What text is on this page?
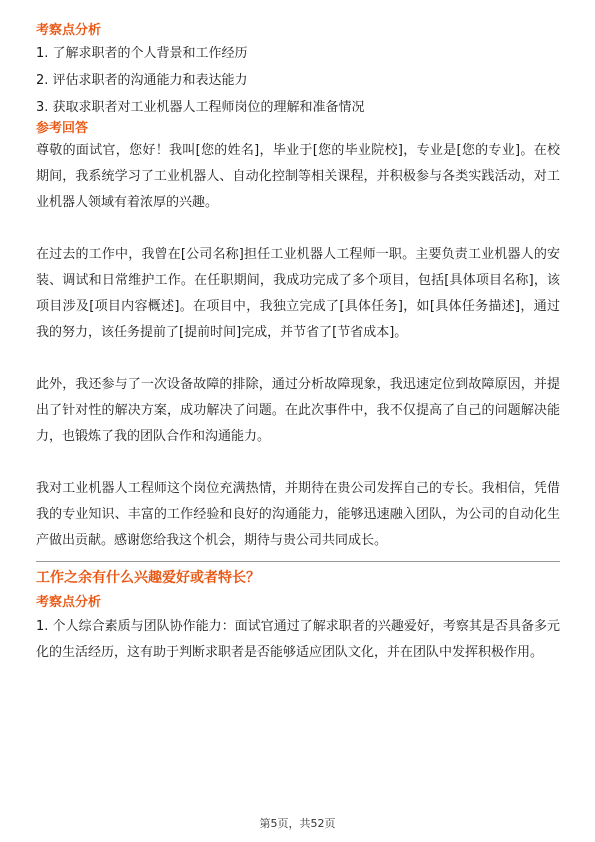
考察点分析
1. 了解求职者的个人背景和工作经历
2. 评估求职者的沟通能力和表达能力
3. 获取求职者对工业机器人工程师岗位的理解和准备情况
参考回答

尊敬的面试官，您好！我叫[您的姓名]，毕业于[您的毕业院校]，专业是[您的专业]。在校期间，我系统学习了工业机器人、自动化控制等相关课程，并积极参与各类实践活动，对工业机器人领域有着浓厚的兴趣。

在过去的工作中，我曾在[公司名称]担任工业机器人工程师一职。主要负责工业机器人的安装、调试和日常维护工作。在任职期间，我成功完成了多个项目，包括[具体项目名称]，该项目涉及[项目内容概述]。在项目中，我独立完成了[具体任务]，如[具体任务描述]，通过我的努力，该任务提前了[提前时间]完成，并节省了[节省成本]。

此外，我还参与了一次设备故障的排除，通过分析故障现象，我迅速定位到故障原因，并提出了针对性的解决方案，成功解决了问题。在此次事件中，我不仅提高了自己的问题解决能力，也锻炼了我的团队合作和沟通能力。

我对工业机器人工程师这个岗位充满热情，并期待在贵公司发挥自己的专长。我相信，凭借我的专业知识、丰富的工作经验和良好的沟通能力，能够迅速融入团队，为公司的自动化生产做出贡献。感谢您给我这个机会，期待与贵公司共同成长。

工作之余有什么兴趣爱好或者特长？
考察点分析

1. 个人综合素质与团队协作能力：面试官通过了解求职者的兴趣爱好，考察其是否具备多元化的生活经历，这有助于判断求职者是否能够适应团队文化，并在团队中发挥积极作用。

第5页，共52页
